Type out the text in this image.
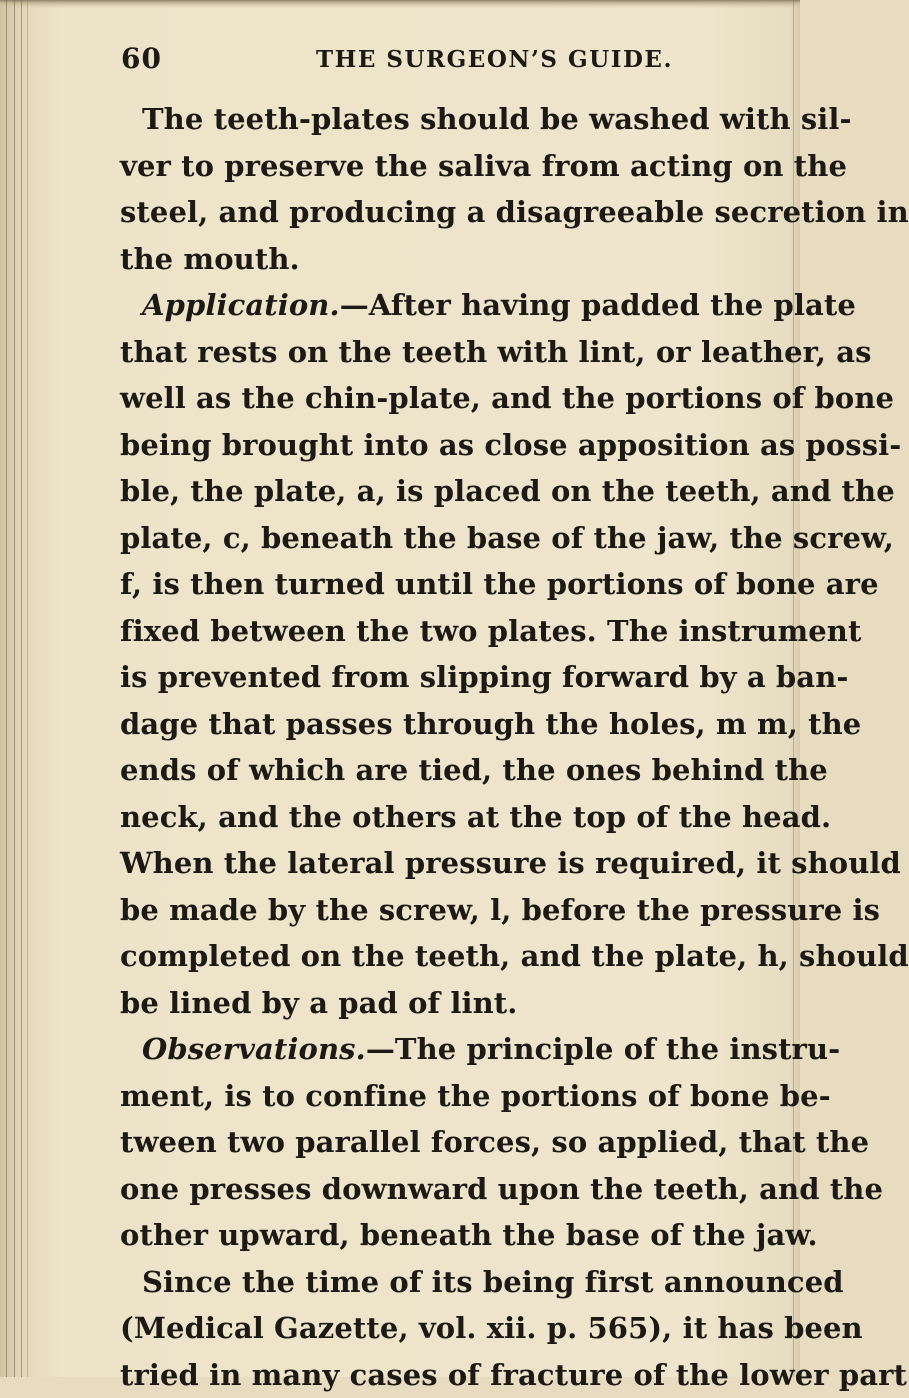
60	THE SURGEON’S GUIDE.
The teeth-plates should be washed with sil-
ver to preserve the saliva from acting on the
steel, and producing a disagreeable secretion in
the mouth.
Application.—After having padded the plate
that rests on the teeth with lint, or leather, as
well as the chin-plate, and the portions of bone
being brought into as close apposition as possi-
ble, the plate, a, is placed on the teeth, and the
plate, c, beneath the base of the jaw, the screw,
f, is then turned until the portions of bone are
fixed between the two plates. The instrument
is prevented from slipping forward by a ban-
dage that passes through the holes, m m, the
ends of which are tied, the ones behind the
neck, and the others at the top of the head.
When the lateral pressure is required, it should
be made by the screw, l, before the pressure is
completed on the teeth, and the plate, h, should
be lined by a pad of lint.
Observations.—The principle of the instru-
ment, is to confine the portions of bone be-
tween two parallel forces, so applied, that the
one presses downward upon the teeth, and the
other upward, beneath the base of the jaw.
Since the time of its being first announced
(Medical Gazette, vol. xii. p. 565), it has been
tried in many cases of fracture of the lower part
